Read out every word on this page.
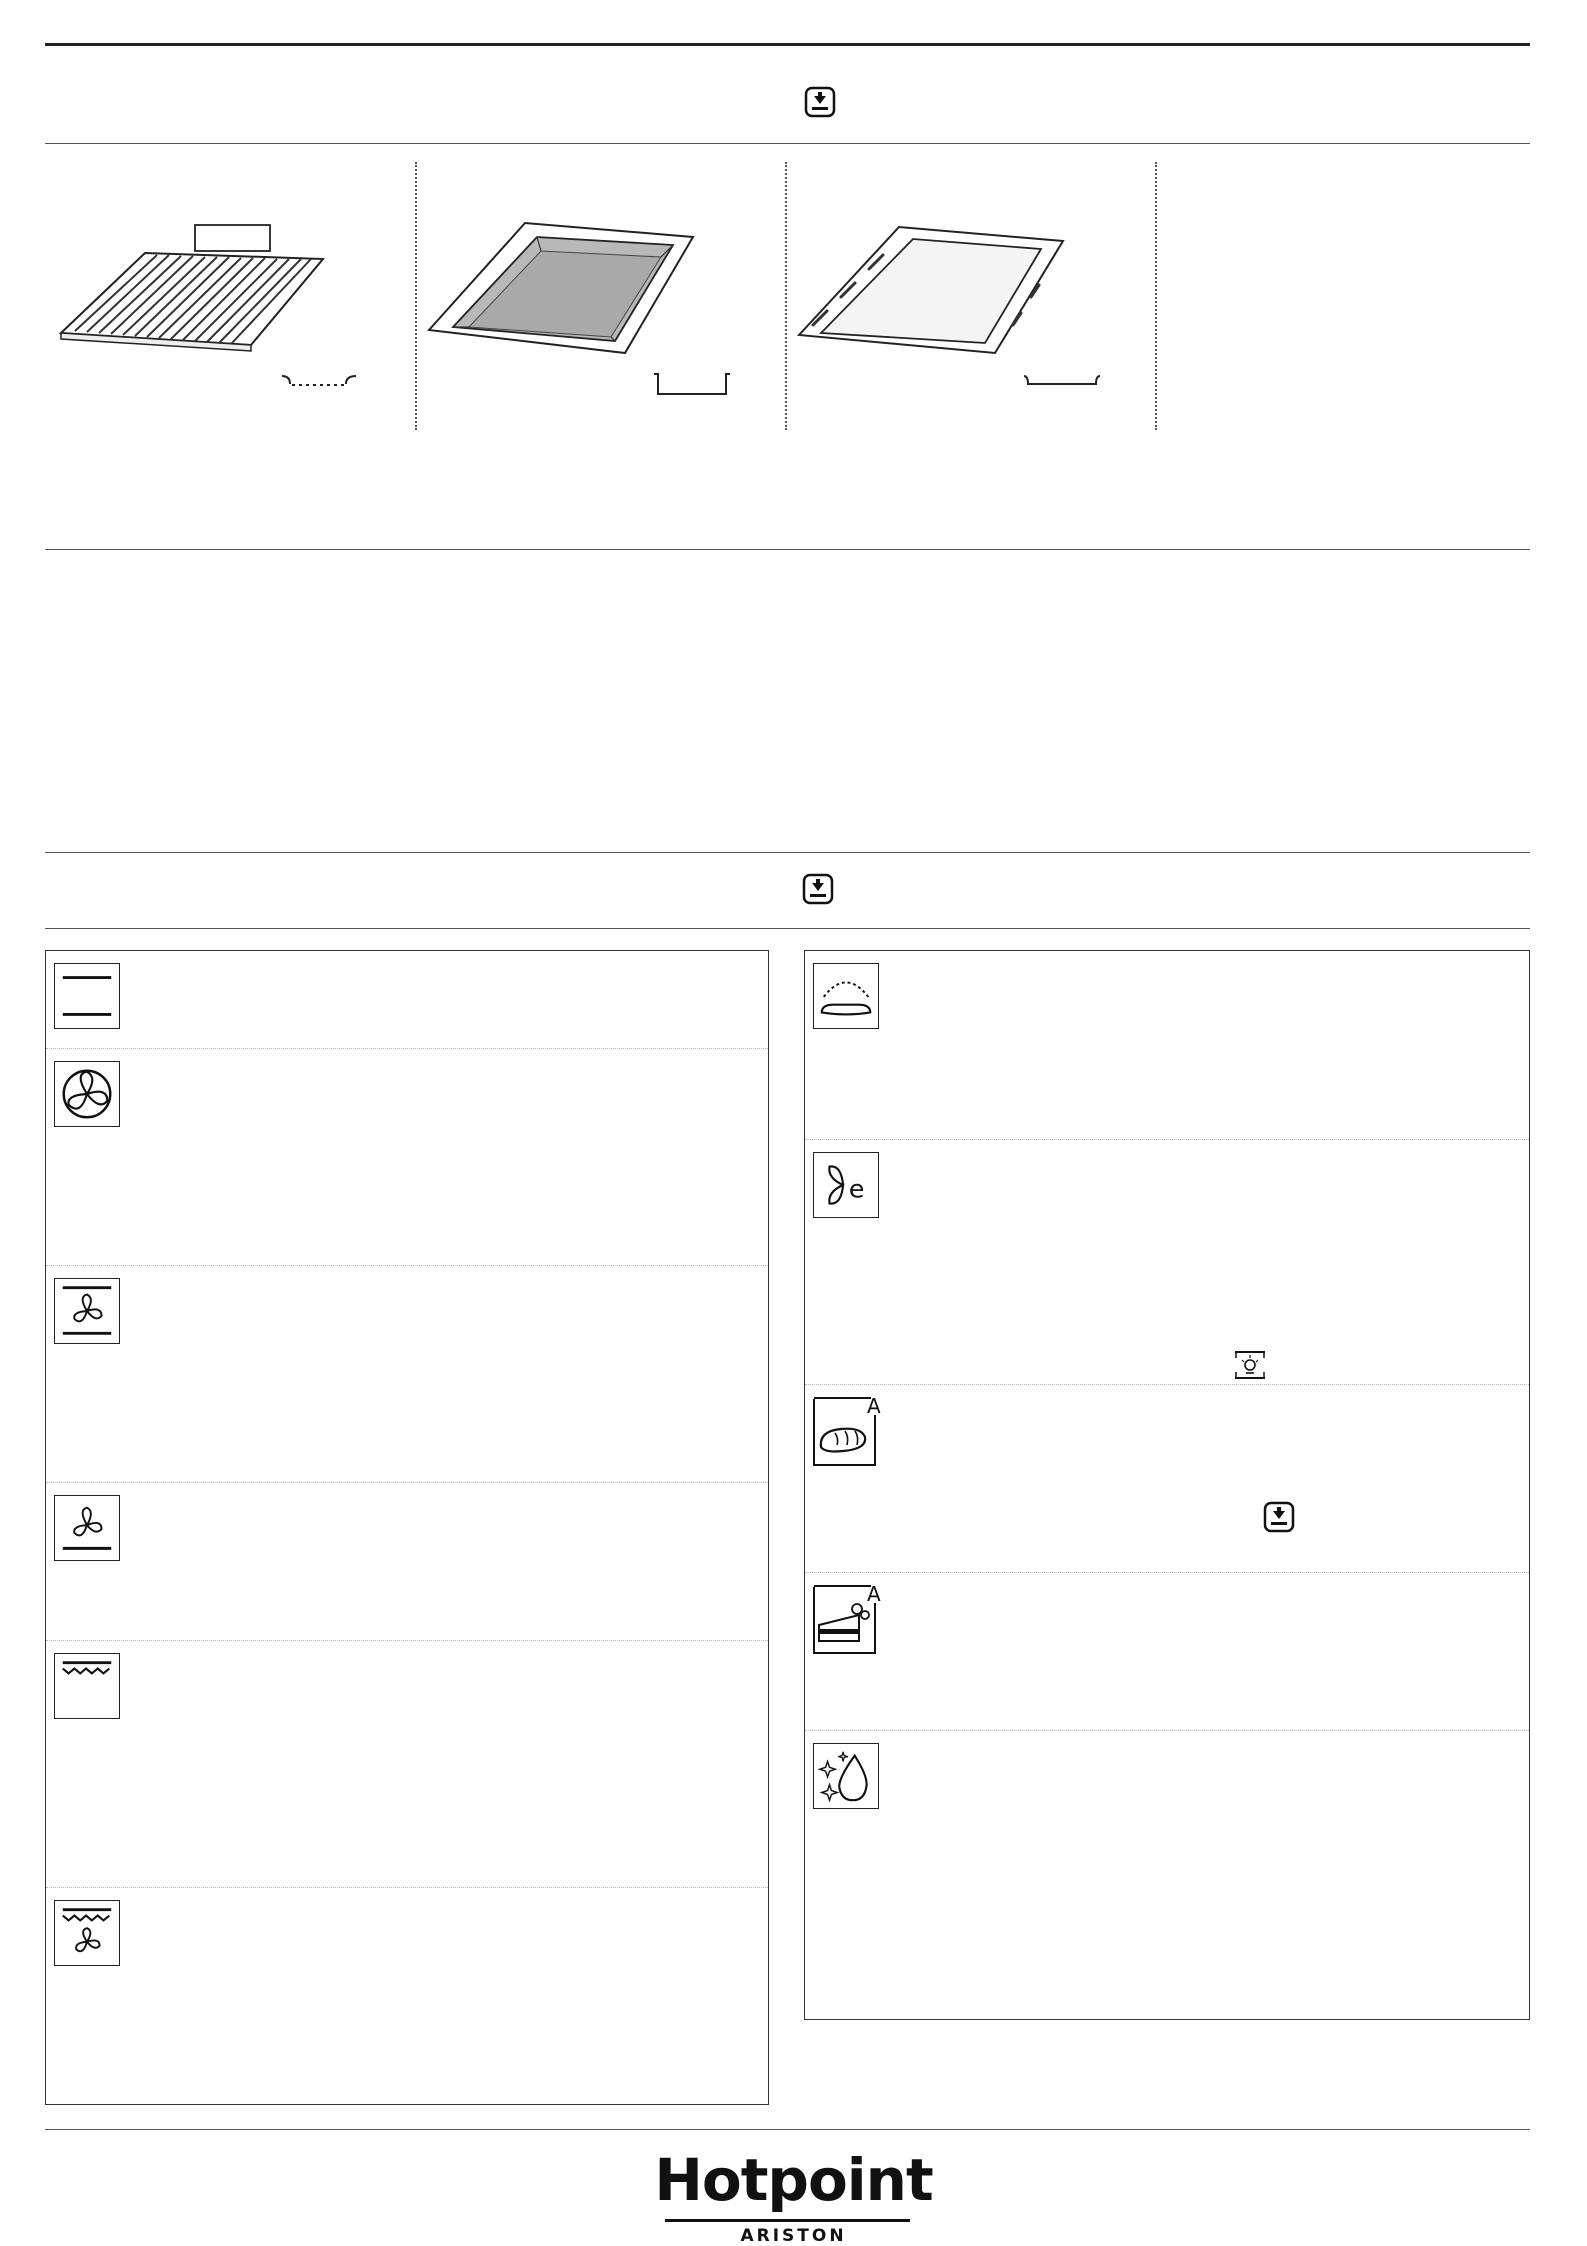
e
A
A
Hotpoint
ARISTON
